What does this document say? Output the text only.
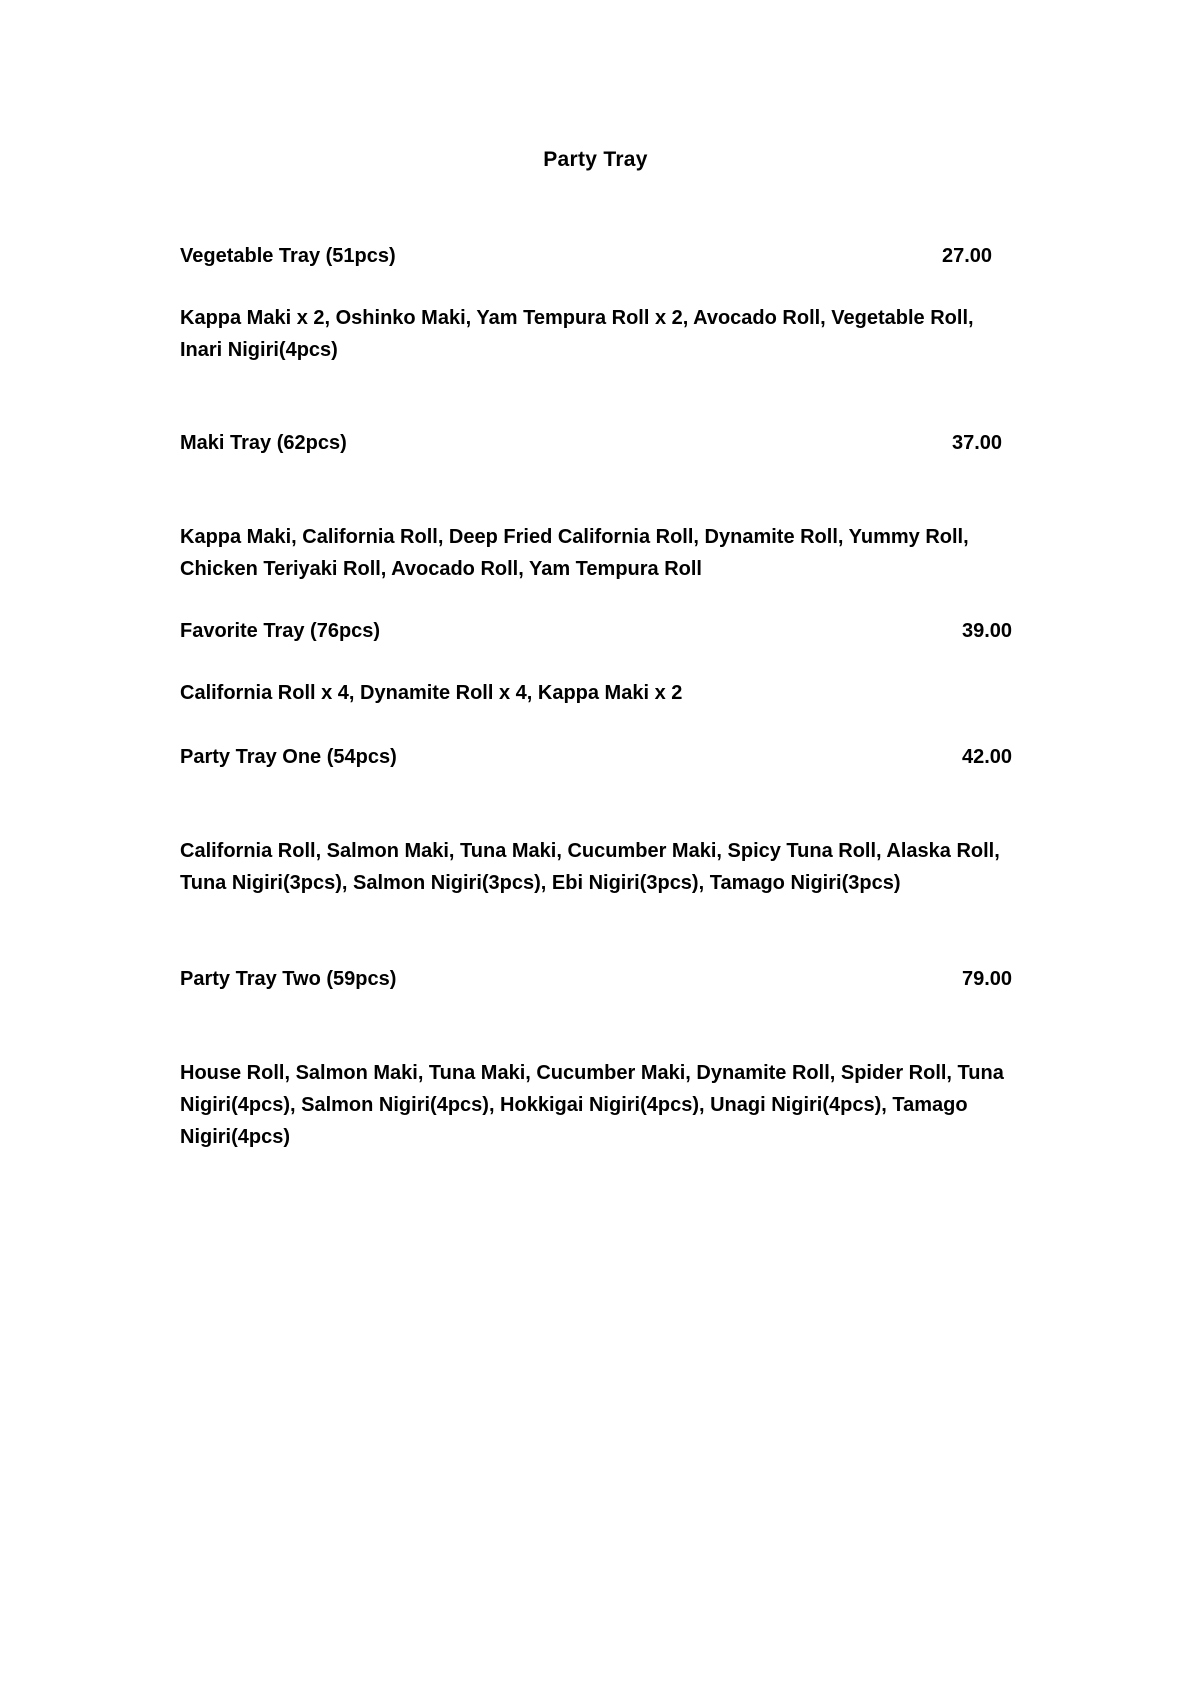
Party Tray
Vegetable Tray (51pcs)	27.00

Kappa Maki x 2, Oshinko Maki, Yam Tempura Roll x 2, Avocado Roll, Vegetable Roll, Inari Nigiri(4pcs)

Maki Tray (62pcs)	37.00

Kappa Maki, California Roll, Deep Fried California Roll, Dynamite Roll, Yummy Roll, Chicken Teriyaki Roll, Avocado Roll, Yam Tempura Roll

Favorite Tray (76pcs)	39.00

California Roll x 4, Dynamite Roll x 4, Kappa Maki x 2

Party Tray One (54pcs)	42.00

California Roll, Salmon Maki, Tuna Maki, Cucumber Maki, Spicy Tuna Roll, Alaska Roll, Tuna Nigiri(3pcs), Salmon Nigiri(3pcs), Ebi Nigiri(3pcs), Tamago Nigiri(3pcs)

Party Tray Two (59pcs)	79.00

House Roll, Salmon Maki, Tuna Maki, Cucumber Maki, Dynamite Roll, Spider Roll, Tuna Nigiri(4pcs), Salmon Nigiri(4pcs), Hokkigai Nigiri(4pcs), Unagi Nigiri(4pcs), Tamago Nigiri(4pcs)
